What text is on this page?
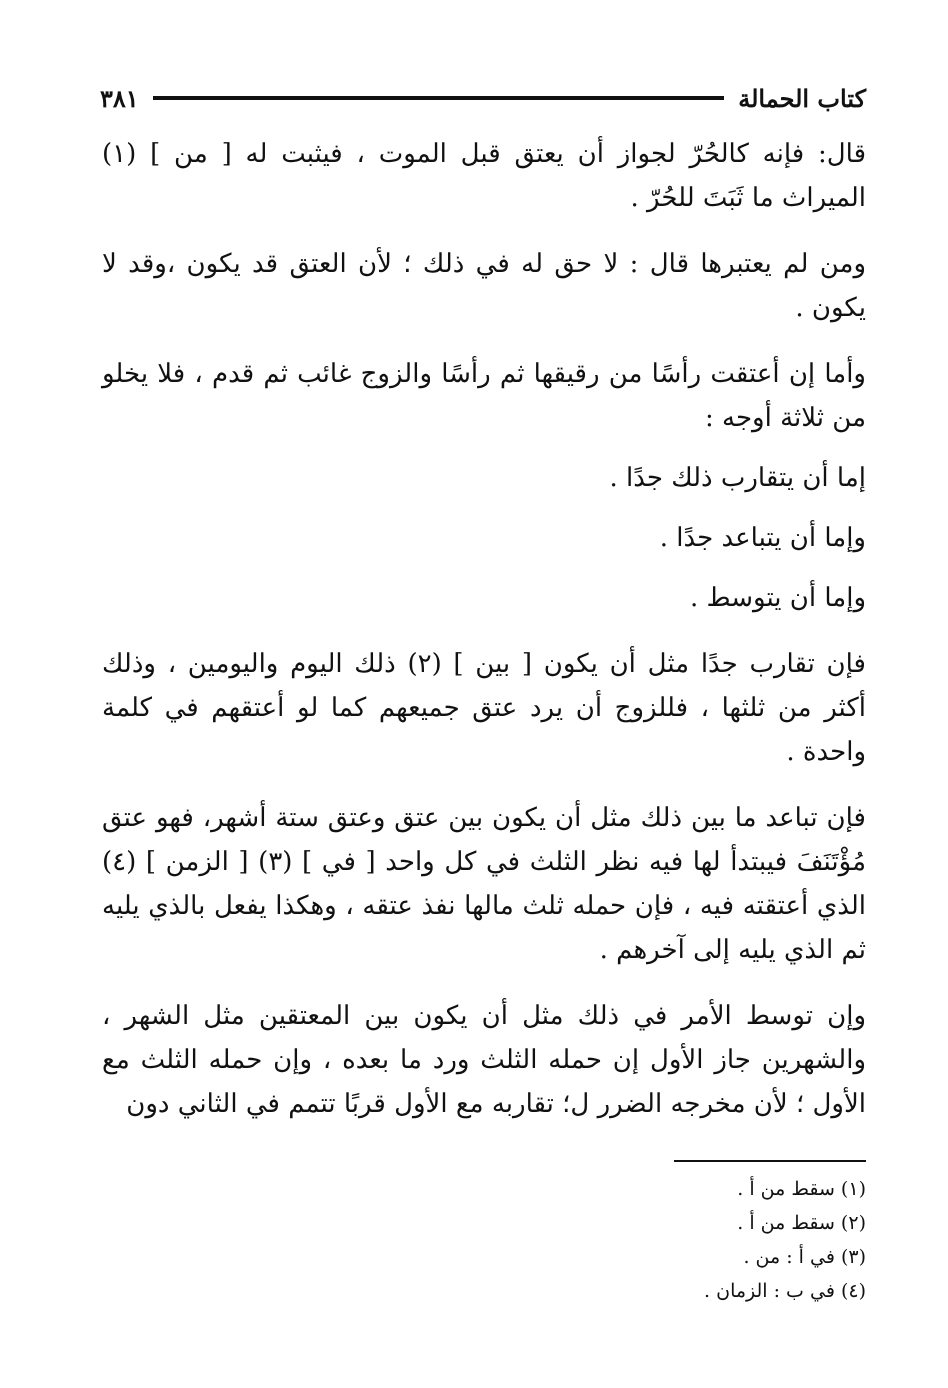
كتاب الحمالة
٣٨١

قال: فإنه كالحُرّ لجواز أن يعتق قبل الموت ، فيثبت له [ من ] (١) الميراث ما ثَبَتَ للحُرّ .

ومن لم يعتبرها قال : لا حق له في ذلك ؛ لأن العتق قد يكون ،وقد لا يكون .

وأما إن أعتقت رأسًا من رقيقها ثم رأسًا والزوج غائب ثم قدم ، فلا يخلو من ثلاثة أوجه :

إما أن يتقارب ذلك جدًا .

وإما أن يتباعد جدًا .

وإما أن يتوسط .

فإن تقارب جدًا مثل أن يكون [ بين ] (٢) ذلك اليوم واليومين ، وذلك أكثر من ثلثها ، فللزوج أن يرد عتق جميعهم كما لو أعتقهم في كلمة واحدة .

فإن تباعد ما بين ذلك مثل أن يكون بين عتق وعتق ستة أشهر، فهو عتق مُؤْتَنَفَ فيبتدأ لها فيه نظر الثلث في كل واحد [ في ] (٣) [ الزمن ] (٤) الذي أعتقته فيه ، فإن حمله ثلث مالها نفذ عتقه ، وهكذا يفعل بالذي يليه ثم الذي يليه إلى آخرهم .

وإن توسط الأمر في ذلك مثل أن يكون بين المعتقين مثل الشهر ، والشهرين جاز الأول إن حمله الثلث ورد ما بعده ، وإن حمله الثلث مع الأول ؛ لأن مخرجه الضرر ل؛ تقاربه مع الأول قربًا تتمم في الثاني دون

(١) سقط من أ .
(٢) سقط من أ .
(٣) في أ : من .
(٤) في ب : الزمان .
